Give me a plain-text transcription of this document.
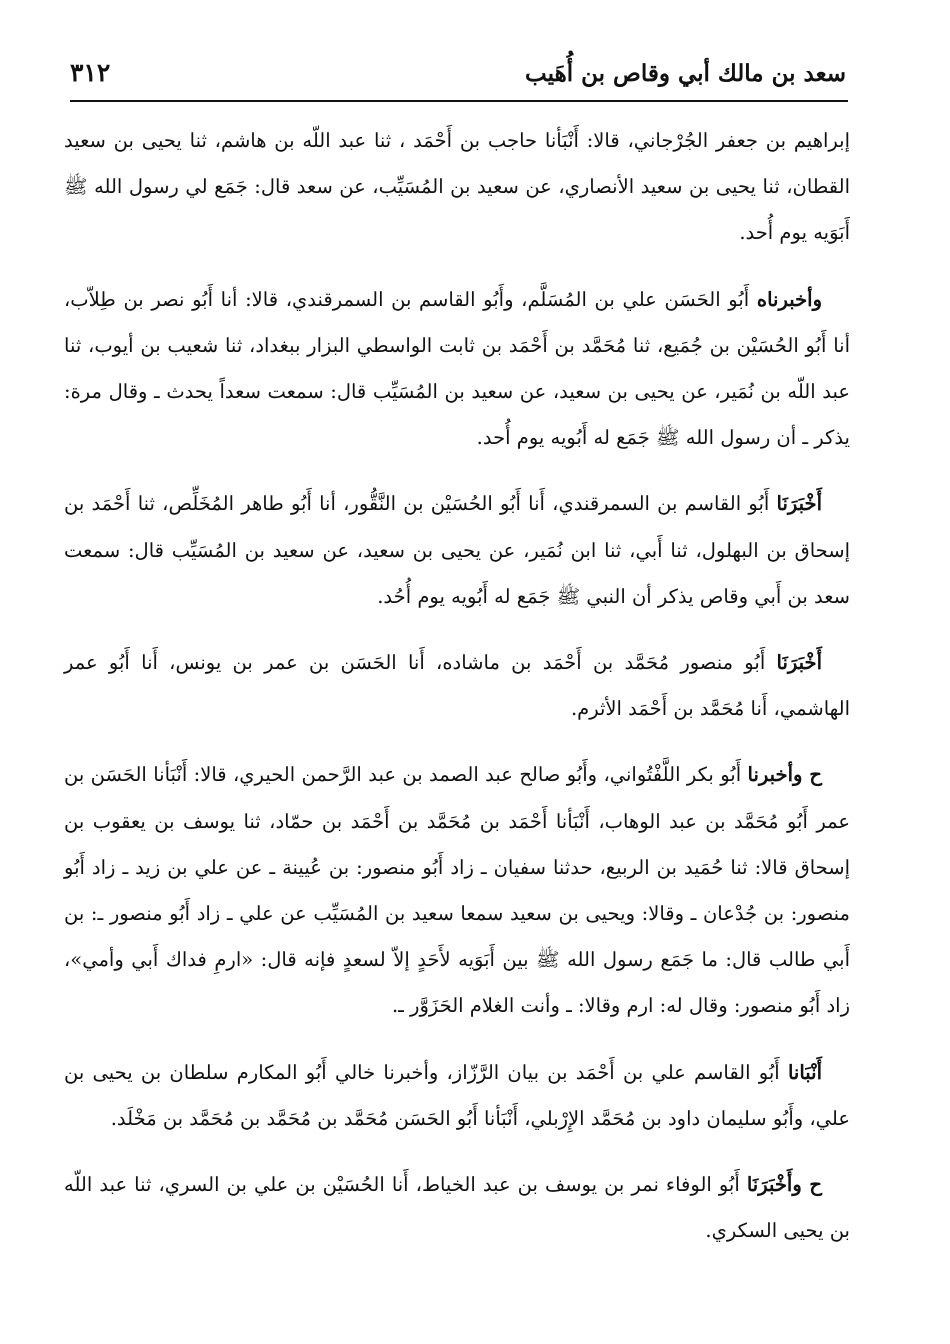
سعد بن مالك أبي وقاص بن أُهَيب
٣١٢

إبراهيم بن جعفر الجُرْجاني، قالا: أَنْبَأنا حاجب بن أَحْمَد ، ثنا عبد اللّه بن هاشم، ثنا يحيى بن سعيد القطان، ثنا يحيى بن سعيد الأنصاري، عن سعيد بن المُسَيِّب، عن سعد قال: جَمَع لي رسول الله ﷺ أَبَوَيه يوم أُحد.

وأخبرناه أَبُو الحَسَن علي بن المُسَلَّم، وأَبُو القاسم بن السمرقندي، قالا: أنا أَبُو نصر بن طِلاّب، أنا أَبُو الحُسَيْن بن جُمَيع، ثنا مُحَمَّد بن أَحْمَد بن ثابت الواسطي البزار ببغداد، ثنا شعيب بن أيوب، ثنا عبد اللّه بن نُمَير، عن يحيى بن سعيد، عن سعيد بن المُسَيِّب قال: سمعت سعداً يحدث ـ وقال مرة: يذكر ـ أن رسول الله ﷺ جَمَع له أَبُويه يوم أُحد.

أَخْبَرَنَا أَبُو القاسم بن السمرقندي، أَنا أَبُو الحُسَيْن بن النَّقُّور، أنا أَبُو طاهر المُخَلِّص، ثنا أَحْمَد بن إسحاق بن البهلول، ثنا أَبي، ثنا ابن نُمَير، عن يحيى بن سعيد، عن سعيد بن المُسَيِّب قال: سمعت سعد بن أَبي وقاص يذكر أن النبي ﷺ جَمَع له أَبُويه يوم أُحُد.

أَخْبَرَنَا أَبُو منصور مُحَمَّد بن أَحْمَد بن ماشاده، أَنا الحَسَن بن عمر بن يونس، أَنا أَبُو عمر الهاشمي، أَنا مُحَمَّد بن أَحْمَد الأثرم.

ح وأخبرنا أَبُو بكر اللَّفْتُواني، وأَبُو صالح عبد الصمد بن عبد الرَّحمن الحيري، قالا: أَنْبَأنا الحَسَن بن عمر أَبُو مُحَمَّد بن عبد الوهاب، أَنْبَأنا أَحْمَد بن مُحَمَّد بن أَحْمَد بن حمّاد، ثنا يوسف بن يعقوب بن إسحاق قالا: ثنا حُمَيد بن الربيع، حدثنا سفيان ـ زاد أَبُو منصور: بن عُيينة ـ عن علي بن زيد ـ زاد أَبُو منصور: بن جُدْعان ـ وقالا: ويحيى بن سعيد سمعا سعيد بن المُسَيِّب عن علي ـ زاد أَبُو منصور ـ: بن أَبي طالب قال: ما جَمَع رسول الله ﷺ بين أَبَوَيه لأَحَدٍ إلاّ لسعدٍ فإنه قال: «ارمِ فداك أَبي وأمي»، زاد أَبُو منصور: وقال له: ارم وقالا: ـ وأنت الغلام الحَزَوَّر ـ.

أَنْبَانا أَبُو القاسم علي بن أَحْمَد بن بيان الرَّزّاز، وأخبرنا خالي أَبُو المكارم سلطان بن يحيى بن علي، وأَبُو سليمان داود بن مُحَمَّد الإِرْبلي، أَنْبَأنا أَبُو الحَسَن مُحَمَّد بن مُحَمَّد بن مُحَمَّد بن مَخْلَد.

ح وأَخْبَرَنَا أَبُو الوفاء نمر بن يوسف بن عبد الخياط، أَنا الحُسَيْن بن علي بن السري، ثنا عبد اللّه بن يحيى السكري.
